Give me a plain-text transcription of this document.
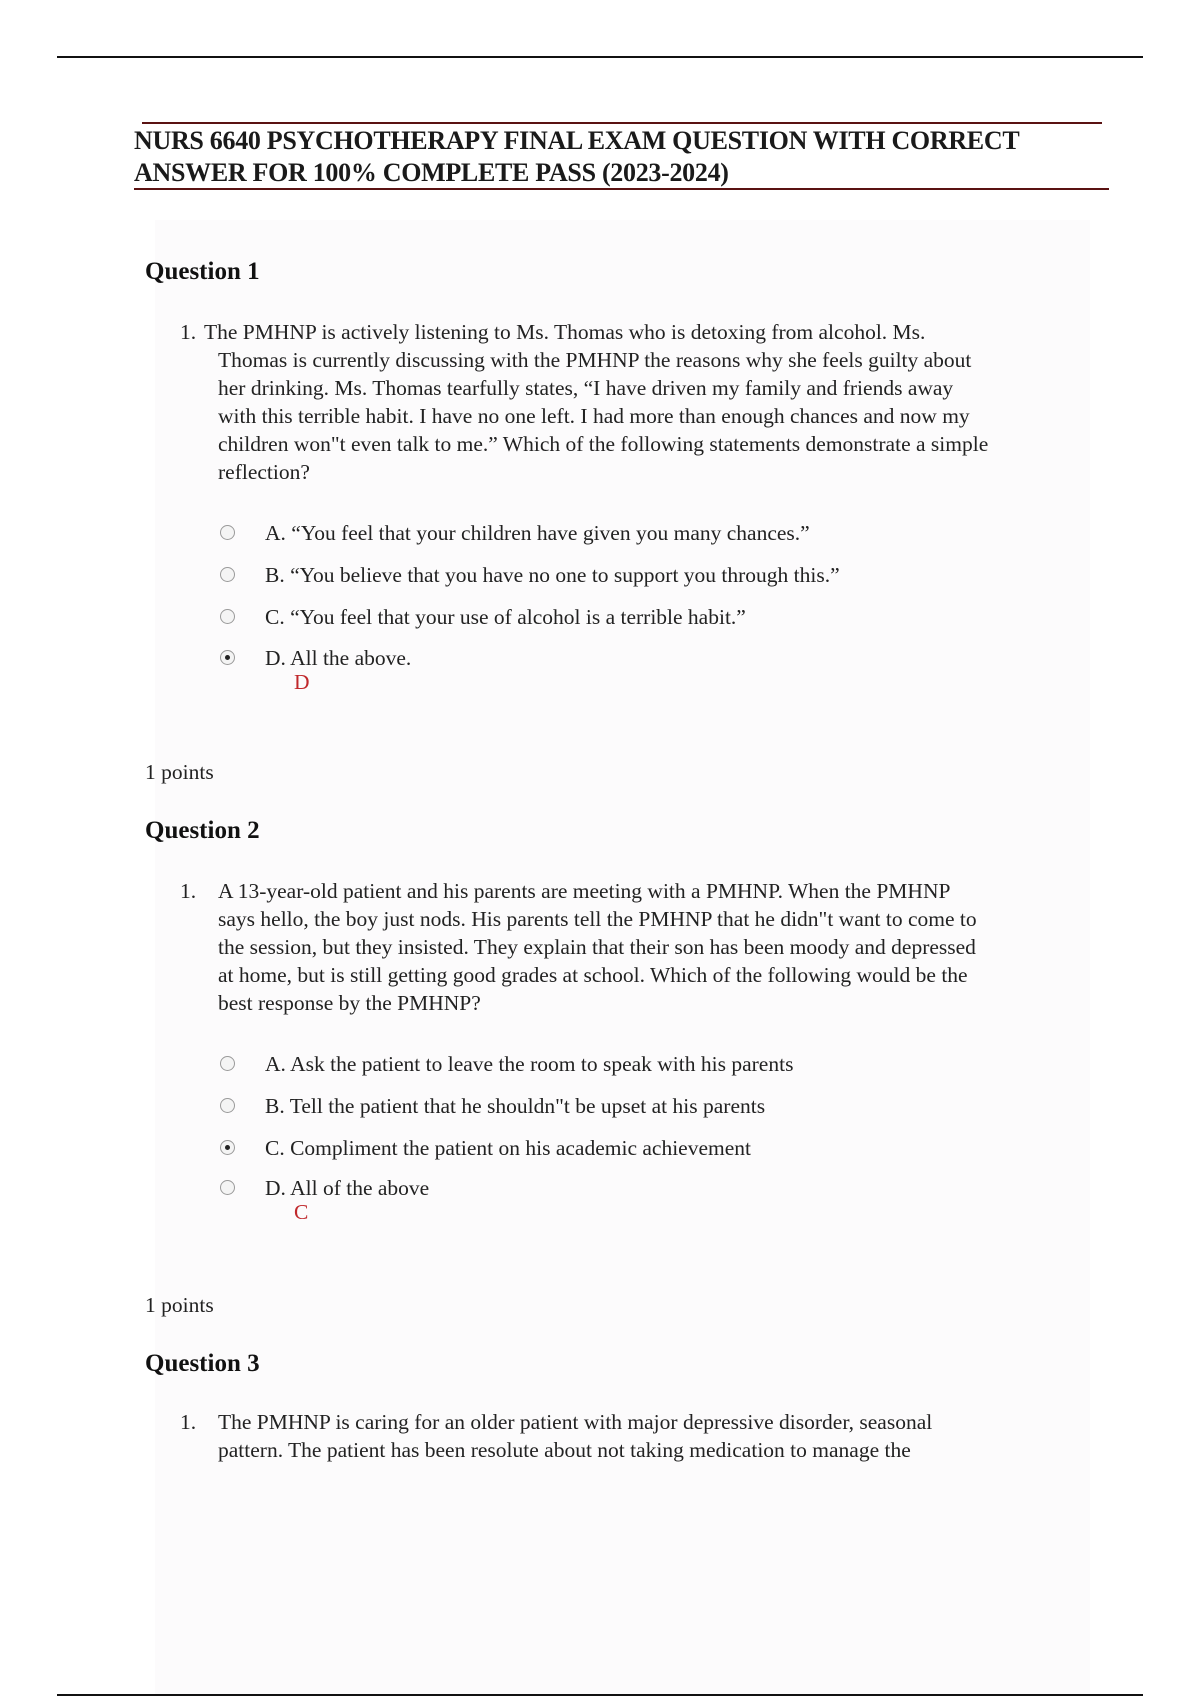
NURS 6640 PSYCHOTHERAPY FINAL EXAM QUESTION WITH CORRECT
ANSWER FOR 100% COMPLETE PASS (2023-2024)
Question 1
1. The PMHNP is actively listening to Ms. Thomas who is detoxing from alcohol. Ms.
Thomas is currently discussing with the PMHNP the reasons why she feels guilty about
her drinking. Ms. Thomas tearfully states, “I have driven my family and friends away
with this terrible habit. I have no one left. I had more than enough chances and now my
children won"t even talk to me.” Which of the following statements demonstrate a simple
reflection?
A. “You feel that your children have given you many chances.”
B. “You believe that you have no one to support you through this.”
C. “You feel that your use of alcohol is a terrible habit.”
D. All the above.
D
1 points
Question 2
1.	A 13-year-old patient and his parents are meeting with a PMHNP. When the PMHNP
says hello, the boy just nods. His parents tell the PMHNP that he didn"t want to come to
the session, but they insisted. They explain that their son has been moody and depressed
at home, but is still getting good grades at school. Which of the following would be the
best response by the PMHNP?
A. Ask the patient to leave the room to speak with his parents
B. Tell the patient that he shouldn"t be upset at his parents
C. Compliment the patient on his academic achievement
D. All of the above
C
1 points
Question 3
1.	The PMHNP is caring for an older patient with major depressive disorder, seasonal
pattern. The patient has been resolute about not taking medication to manage the
